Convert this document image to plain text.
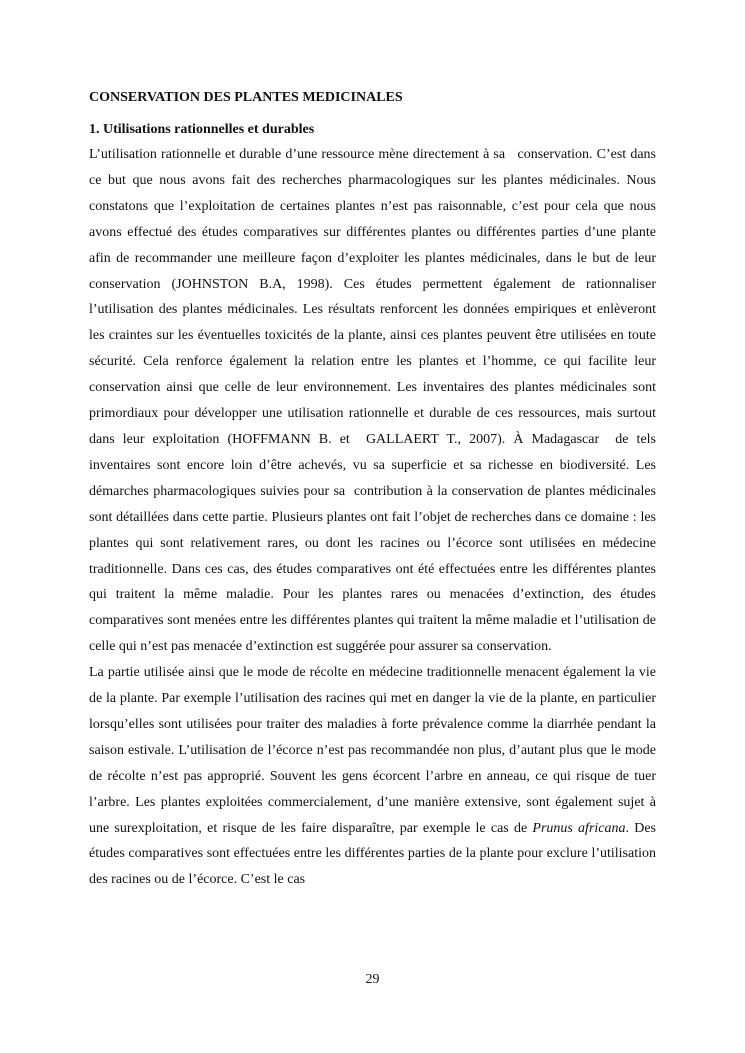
CONSERVATION DES PLANTES MEDICINALES
1. Utilisations rationnelles et durables

L’utilisation rationnelle et durable d’une ressource mène directement à sa   conservation. C’est dans ce but que nous avons fait des recherches pharmacologiques sur les plantes médicinales. Nous constatons que l’exploitation de certaines plantes n’est pas raisonnable, c’est pour cela que nous avons effectué des études comparatives sur différentes plantes ou différentes parties d’une plante afin de recommander une meilleure façon d’exploiter les plantes médicinales, dans le but de leur conservation (JOHNSTON B.A, 1998). Ces études permettent également de rationnaliser l’utilisation des plantes médicinales. Les résultats renforcent les données empiriques et enlèveront les craintes sur les éventuelles toxicités de la plante, ainsi ces plantes peuvent être utilisées en toute sécurité. Cela renforce également la relation entre les plantes et l’homme, ce qui facilite leur conservation ainsi que celle de leur environnement. Les inventaires des plantes médicinales sont primordiaux pour développer une utilisation rationnelle et durable de ces ressources, mais surtout dans leur exploitation (HOFFMANN B. et  GALLAERT T., 2007). À Madagascar  de tels inventaires sont encore loin d’être achevés, vu sa superficie et sa richesse en biodiversité. Les démarches pharmacologiques suivies pour sa  contribution à la conservation de plantes médicinales sont détaillées dans cette partie. Plusieurs plantes ont fait l’objet de recherches dans ce domaine : les plantes qui sont relativement rares, ou dont les racines ou l’écorce sont utilisées en médecine traditionnelle. Dans ces cas, des études comparatives ont été effectuées entre les différentes plantes qui traitent la même maladie. Pour les plantes rares ou menacées d’extinction, des études comparatives sont menées entre les différentes plantes qui traitent la même maladie et l’utilisation de celle qui n’est pas menacée d’extinction est suggérée pour assurer sa conservation.

La partie utilisée ainsi que le mode de récolte en médecine traditionnelle menacent également la vie de la plante. Par exemple l’utilisation des racines qui met en danger la vie de la plante, en particulier lorsqu’elles sont utilisées pour traiter des maladies à forte prévalence comme la diarrhée pendant la saison estivale. L’utilisation de l’écorce n’est pas recommandée non plus, d’autant plus que le mode de récolte n’est pas approprié. Souvent les gens écorcent l’arbre en anneau, ce qui risque de tuer l’arbre. Les plantes exploitées commercialement, d’une manière extensive, sont également sujet à une surexploitation, et risque de les faire disparaître, par exemple le cas de Prunus africana. Des études comparatives sont effectuées entre les différentes parties de la plante pour exclure l’utilisation des racines ou de l’écorce. C’est le cas

29
